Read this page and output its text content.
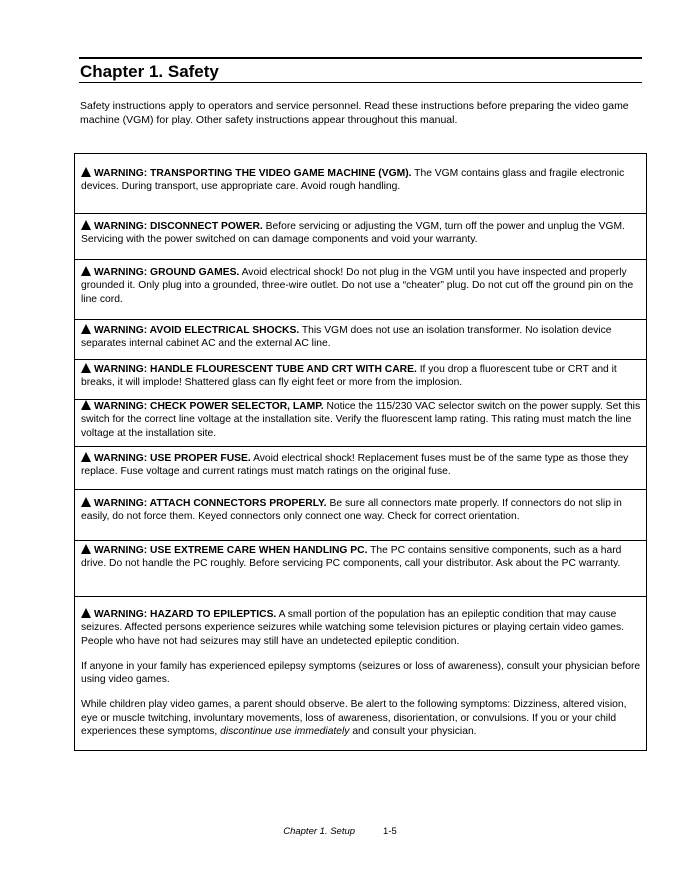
Chapter 1. Safety

Safety instructions apply to operators and service personnel. Read these instructions before preparing the video game machine (VGM) for play. Other safety instructions appear throughout this manual.

WARNING: TRANSPORTING THE VIDEO GAME MACHINE (VGM). The VGM contains glass and fragile electronic devices. During transport, use appropriate care. Avoid rough handling.

WARNING: DISCONNECT POWER. Before servicing or adjusting the VGM, turn off the power and unplug the VGM. Servicing with the power switched on can damage components and void your warranty.

WARNING: GROUND GAMES. Avoid electrical shock! Do not plug in the VGM until you have inspected and properly grounded it. Only plug into a grounded, three-wire outlet. Do not use a “cheater” plug. Do not cut off the ground pin on the line cord.

WARNING: AVOID ELECTRICAL SHOCKS. This VGM does not use an isolation transformer. No isolation device separates internal cabinet AC and the external AC line.

WARNING: HANDLE FLOURESCENT TUBE AND CRT WITH CARE. If you drop a fluorescent tube or CRT and it breaks, it will implode! Shattered glass can fly eight feet or more from the implosion.

WARNING: CHECK POWER SELECTOR, LAMP. Notice the 115/230 VAC selector switch on the power supply. Set this switch for the correct line voltage at the installation site. Verify the fluorescent lamp rating. This rating must match the line voltage at the installation site.

WARNING: USE PROPER FUSE. Avoid electrical shock! Replacement fuses must be of the same type as those they replace. Fuse voltage and current ratings must match ratings on the original fuse.

WARNING: ATTACH CONNECTORS PROPERLY. Be sure all connectors mate properly. If connectors do not slip in easily, do not force them. Keyed connectors only connect one way. Check for correct orientation.

WARNING: USE EXTREME CARE WHEN HANDLING PC. The PC contains sensitive components, such as a hard drive. Do not handle the PC roughly. Before servicing PC components, call your distributor. Ask about the PC warranty.

WARNING: HAZARD TO EPILEPTICS. A small portion of the population has an epileptic condition that may cause seizures. Affected persons experience seizures while watching some television pictures or playing certain video games. People who have not had seizures may still have an undetected epileptic condition.

If anyone in your family has experienced epilepsy symptoms (seizures or loss of awareness), consult your physician before using video games.

While children play video games, a parent should observe. Be alert to the following symptoms: Dizziness, altered vision, eye or muscle twitching, involuntary movements, loss of awareness, disorientation, or convulsions. If you or your child experiences these symptoms, discontinue use immediately and consult your physician.

Chapter 1. Setup	1-5
